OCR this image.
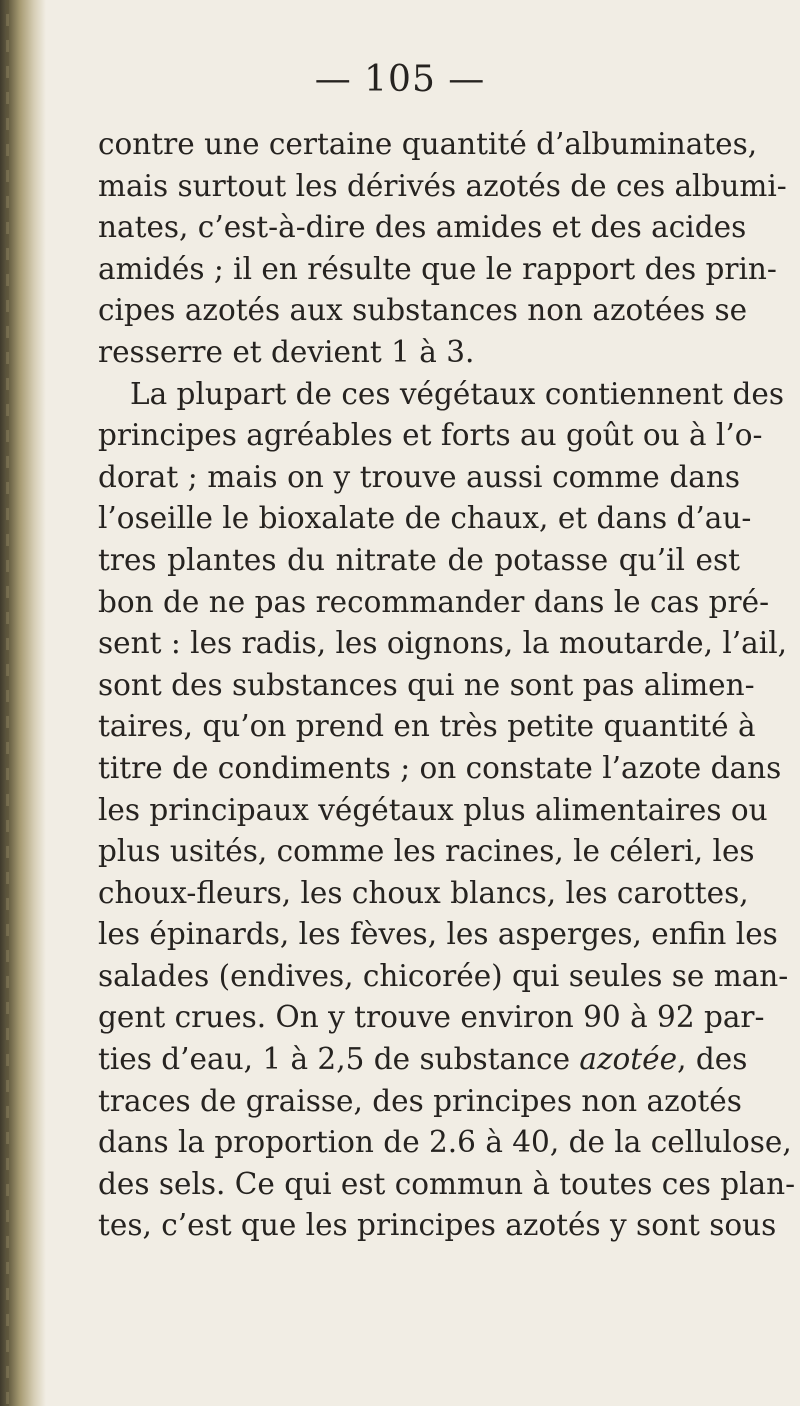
— 105 —
contre une certaine quantité d’albuminates,
mais surtout les dérivés azotés de ces albumi-
nates, c’est-à-dire des amides et des acides
amidés ; il en résulte que le rapport des prin-
cipes azotés aux substances non azotées se
resserre et devient 1 à 3.
La plupart de ces végétaux contiennent des
principes agréables et forts au goût ou à l’o-
dorat ; mais on y trouve aussi comme dans
l’oseille le bioxalate de chaux, et dans d’au-
tres plantes du nitrate de potasse qu’il est
bon de ne pas recommander dans le cas pré-
sent : les radis, les oignons, la moutarde, l’ail,
sont des substances qui ne sont pas alimen-
taires, qu’on prend en très petite quantité à
titre de condiments ; on constate l’azote dans
les principaux végétaux plus alimentaires ou
plus usités, comme les racines, le céleri, les
choux-fleurs, les choux blancs, les carottes,
les épinards, les fèves, les asperges, enfin les
salades (endives, chicorée) qui seules se man-
gent crues. On y trouve environ 90 à 92 par-
ties d’eau, 1 à 2,5 de substance azotée, des
traces de graisse, des principes non azotés
dans la proportion de 2.6 à 40, de la cellulose,
des sels. Ce qui est commun à toutes ces plan-
tes, c’est que les principes azotés y sont sous
